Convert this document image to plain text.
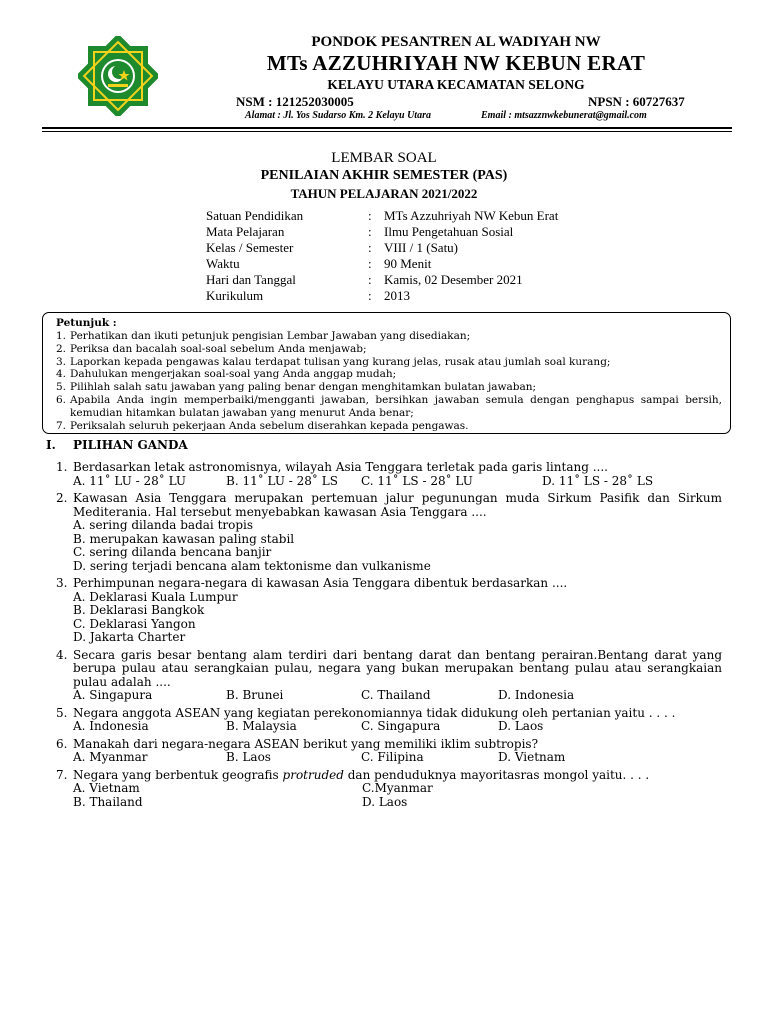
PONDOK PESANTREN AL WADIYAH NW
MTs AZZUHRIYAH NW KEBUN ERAT
KELAYU UTARA KECAMATAN SELONG
NSM : 121252030005	NPSN : 60727637
Alamat : Jl. Yos Sudarso Km. 2 Kelayu Utara	Email : mtsazznwkebunerat@gmail.com
LEMBAR SOAL
PENILAIAN AKHIR SEMESTER (PAS)
TAHUN PELAJARAN 2021/2022
Satuan Pendidikan	: MTs Azzuhriyah NW Kebun Erat
Mata Pelajaran	: Ilmu Pengetahuan Sosial
Kelas / Semester	: VIII / 1 (Satu)
Waktu	: 90 Menit
Hari dan Tanggal	: Kamis, 02 Desember 2021
Kurikulum	: 2013
Petunjuk :
1. Perhatikan dan ikuti petunjuk pengisian Lembar Jawaban yang disediakan;
2. Periksa dan bacalah soal-soal sebelum Anda menjawab;
3. Laporkan kepada pengawas kalau terdapat tulisan yang kurang jelas, rusak atau jumlah soal kurang;
4. Dahulukan mengerjakan soal-soal yang Anda anggap mudah;
5. Pilihlah salah satu jawaban yang paling benar dengan menghitamkan bulatan jawaban;
6. Apabila Anda ingin memperbaiki/mengganti jawaban, bersihkan jawaban semula dengan penghapus sampai bersih, kemudian hitamkan bulatan jawaban yang menurut Anda benar;
7. Periksalah seluruh pekerjaan Anda sebelum diserahkan kepada pengawas.
I. PILIHAN GANDA
1. Berdasarkan letak astronomisnya, wilayah Asia Tenggara terletak pada garis lintang ....
A. 11˚ LU - 28˚ LU	B. 11˚ LU - 28˚ LS	C. 11˚ LS - 28˚ LU	D. 11˚ LS - 28˚ LS
2. Kawasan Asia Tenggara merupakan pertemuan jalur pegunungan muda Sirkum Pasifik dan Sirkum Mediterania. Hal tersebut menyebabkan kawasan Asia Tenggara ....
A. sering dilanda badai tropis
B. merupakan kawasan paling stabil
C. sering dilanda bencana banjir
D. sering terjadi bencana alam tektonisme dan vulkanisme
3. Perhimpunan negara-negara di kawasan Asia Tenggara dibentuk berdasarkan ....
A. Deklarasi Kuala Lumpur
B. Deklarasi Bangkok
C. Deklarasi Yangon
D. Jakarta Charter
4. Secara garis besar bentang alam terdiri dari bentang darat dan bentang perairan.Bentang darat yang berupa pulau atau serangkaian pulau, negara yang bukan merupakan bentang pulau atau serangkaian pulau adalah ....
A. Singapura	B. Brunei	C. Thailand	D. Indonesia
5. Negara anggota ASEAN yang kegiatan perekonomiannya tidak didukung oleh pertanian yaitu . . . .
A. Indonesia	B. Malaysia	C. Singapura	D. Laos
6. Manakah dari negara-negara ASEAN berikut yang memiliki iklim subtropis?
A. Myanmar	B. Laos	C. Filipina	D. Vietnam
7. Negara yang berbentuk geografis protruded dan penduduknya mayoritasras mongol yaitu. . . .
A. Vietnam	C.Myanmar
B. Thailand	D. Laos
